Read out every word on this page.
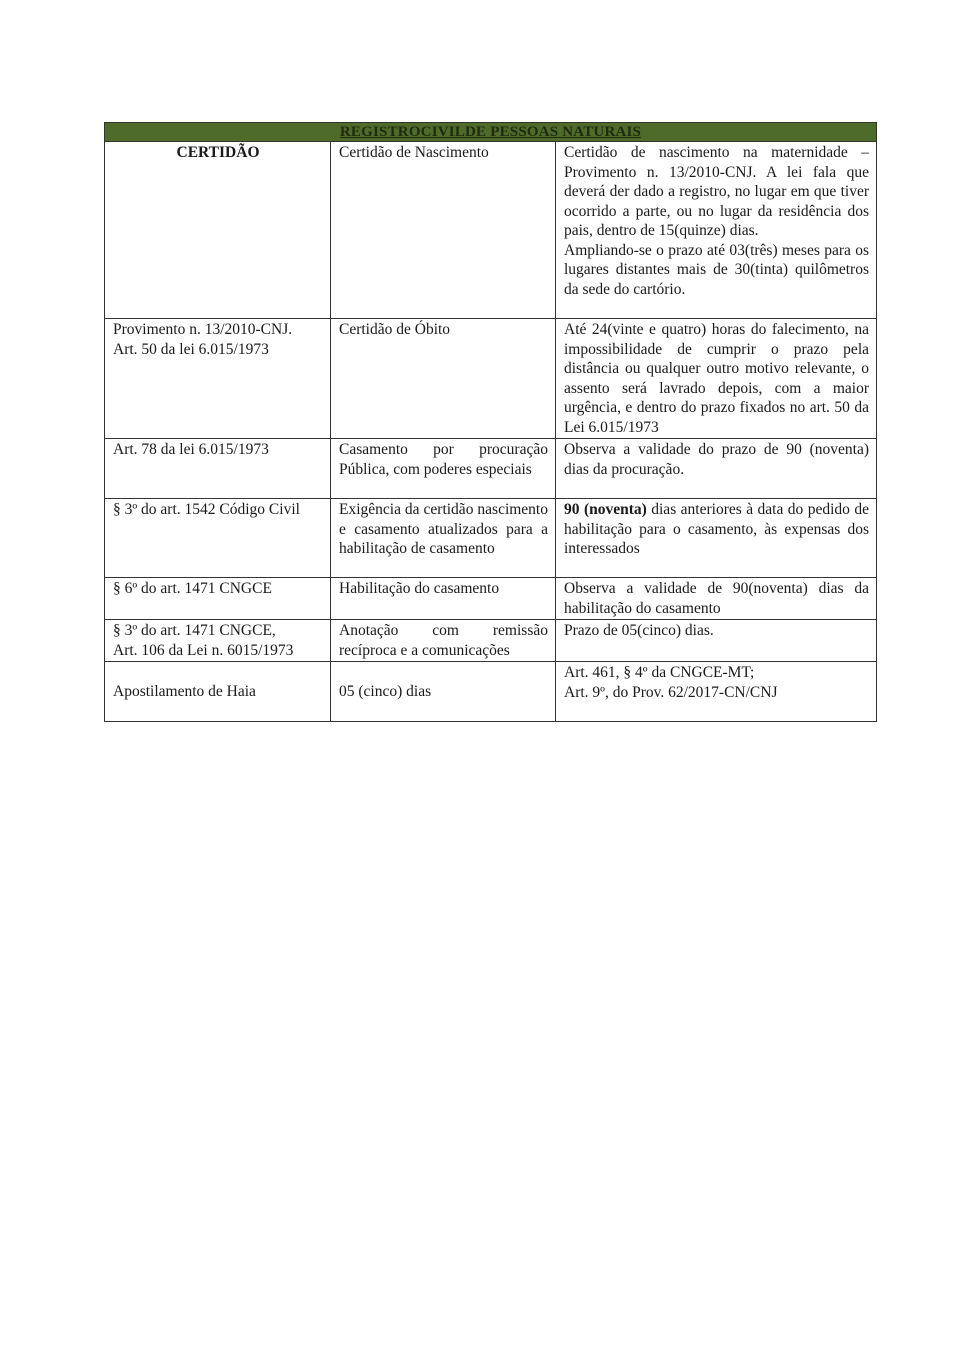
REGISTROCIVILDE PESSOAS NATURAIS		
CERTIDÃO	Certidão de Nascimento	Certidão de nascimento na maternidade –Provimento n. 13/2010-CNJ. A lei fala que deverá der dado a registro, no lugar em que tiver ocorrido a parte, ou no lugar da residência dos pais, dentro de 15(quinze) dias.
Ampliando-se o prazo até 03(três) meses para os lugares distantes mais de 30(tinta) quilômetros da sede do cartório.

Provimento n. 13/2010-CNJ.
Art. 50 da lei 6.015/1973	Certidão de Óbito	Até 24(vinte e quatro) horas do falecimento, na impossibilidade de cumprir o prazo pela distância ou qualquer outro motivo relevante, o assento será lavrado depois, com a maior urgência, e dentro do prazo fixados no art. 50 da Lei 6.015/1973
Art. 78 da lei 6.015/1973	Casamento por procuração Pública, com poderes especiais	Observa a validade do prazo de 90 (noventa) dias da procuração.
§ 3º do art. 1542 Código Civil	Exigência da certidão nascimento e casamento atualizados para a habilitação de casamento	90 (noventa) dias anteriores à data do pedido de habilitação para o casamento, às expensas dos interessados
§ 6º do art. 1471 CNGCE	Habilitação do casamento	Observa a validade de 90(noventa) dias da habilitação do casamento

§ 3º do art. 1471 CNGCE,
Art. 106 da Lei n. 6015/1973	Anotação com remissão recíproca e a comunicações	Prazo de 05(cinco) dias.
Apostilamento de Haia	05 (cinco) dias	Art. 461, § 4º da CNGCE-MT;
Art. 9º, do Prov. 62/2017-CN/CNJ
